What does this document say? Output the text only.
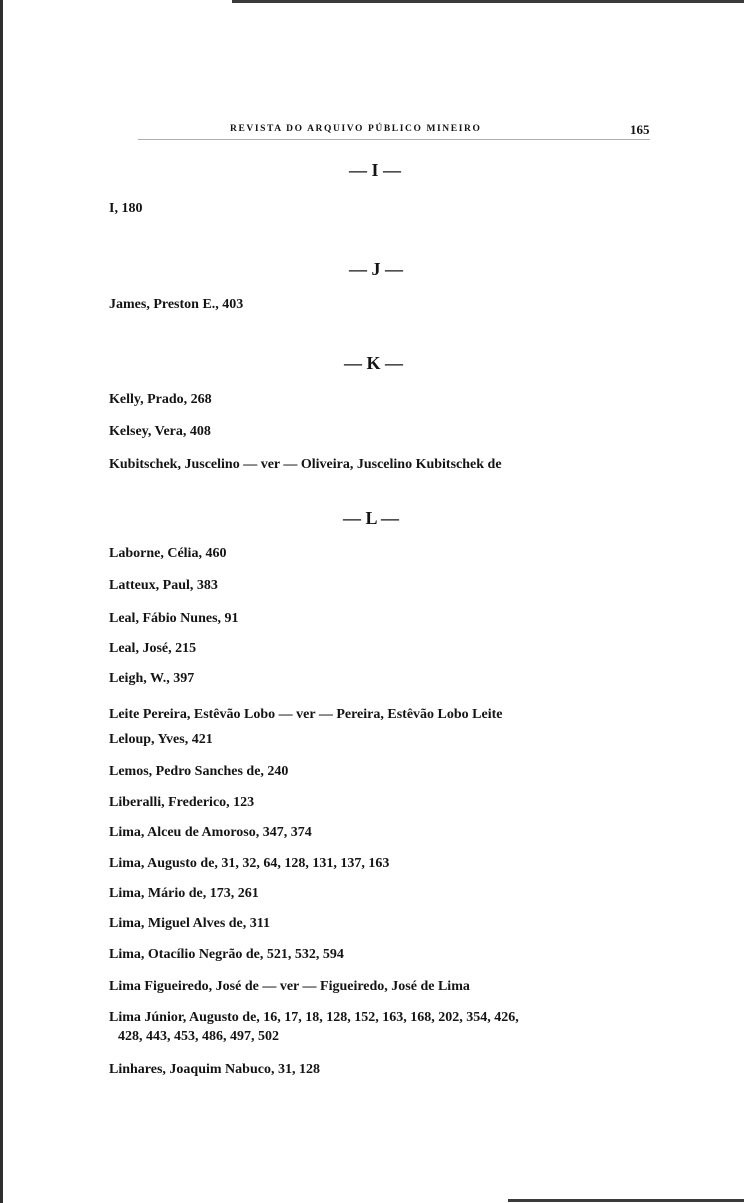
REVISTA DO ARQUIVO PÚBLICO MINEIRO	165
— I —
I, 180
— J —
James, Preston E., 403
— K —
Kelly, Prado, 268
Kelsey, Vera, 408
Kubitschek, Juscelino — ver — Oliveira, Juscelino Kubitschek de
— L —
Laborne, Célia, 460
Latteux, Paul, 383
Leal, Fábio Nunes, 91
Leal, José, 215
Leigh, W., 397
Leite Pereira, Estêvão Lobo — ver — Pereira, Estêvão Lobo Leite
Leloup, Yves, 421
Lemos, Pedro Sanches de, 240
Liberalli, Frederico, 123
Lima, Alceu de Amoroso, 347, 374
Lima, Augusto de, 31, 32, 64, 128, 131, 137, 163
Lima, Mário de, 173, 261
Lima, Miguel Alves de, 311
Lima, Otacílio Negrão de, 521, 532, 594
Lima Figueiredo, José de — ver — Figueiredo, José de Lima
Lima Júnior, Augusto de, 16, 17, 18, 128, 152, 163, 168, 202, 354, 426,
428, 443, 453, 486, 497, 502
Linhares, Joaquim Nabuco, 31, 128
